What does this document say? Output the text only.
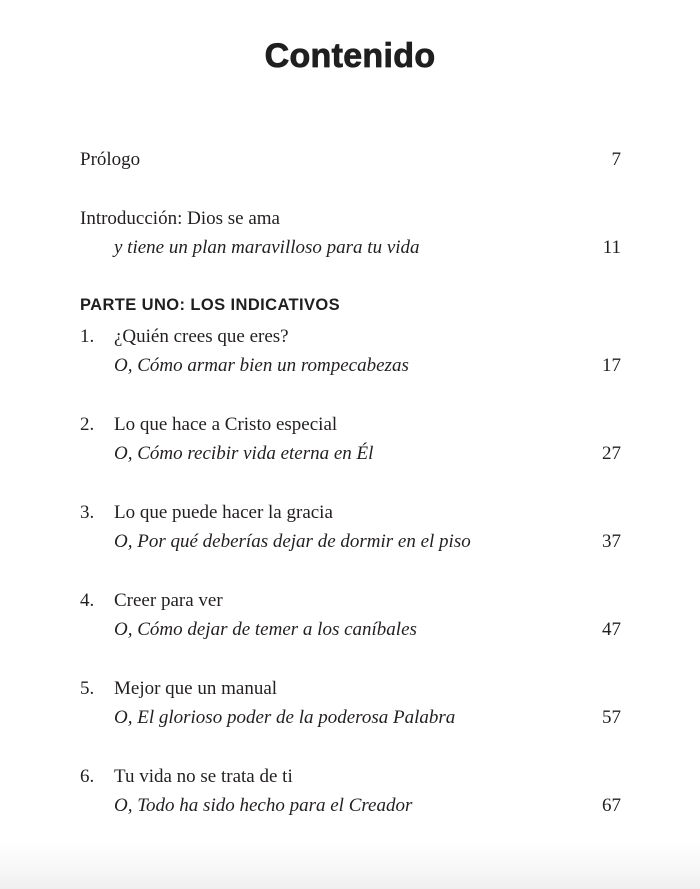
Contenido
Prólogo	7
Introducción: Dios se ama
y tiene un plan maravilloso para tu vida	11
PARTE UNO: LOS INDICATIVOS
1. ¿Quién crees que eres?
O, Cómo armar bien un rompecabezas	17
2. Lo que hace a Cristo especial
O, Cómo recibir vida eterna en Él	27
3. Lo que puede hacer la gracia
O, Por qué deberías dejar de dormir en el piso	37
4. Creer para ver
O, Cómo dejar de temer a los caníbales	47
5. Mejor que un manual
O, El glorioso poder de la poderosa Palabra	57
6. Tu vida no se trata de ti
O, Todo ha sido hecho para el Creador	67
